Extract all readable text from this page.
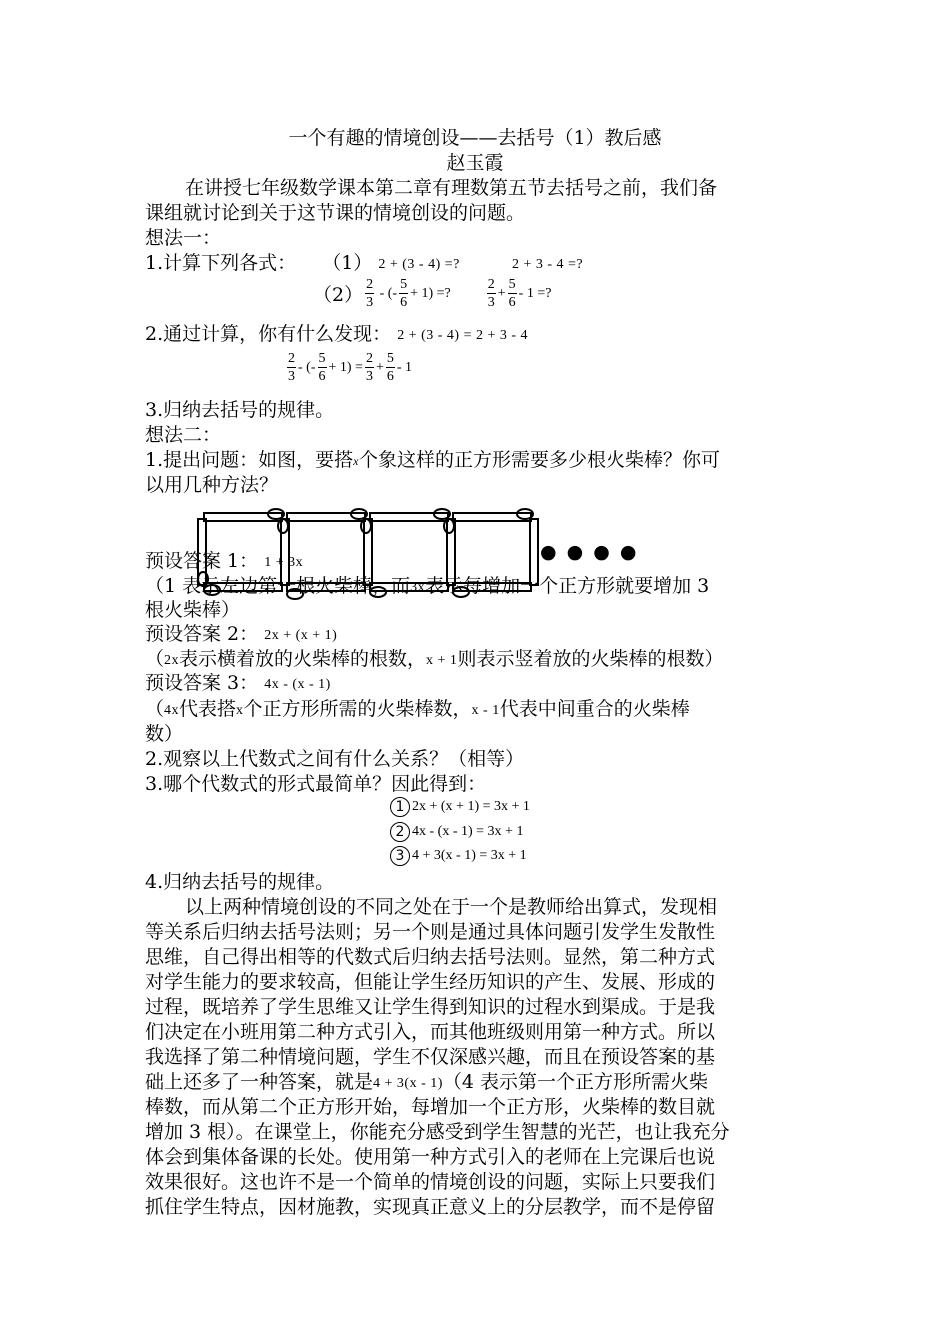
一个有趣的情境创设——去括号（1）教后感
赵玉霞
在讲授七年级数学课本第二章有理数第五节去括号之前，我们备
课组就讨论到关于这节课的情境创设的问题。
想法一：
1.计算下列各式： （1） 2 + (3 - 4) =?	2 + 3 - 4 =?
$(2) \frac{2}{3}$ - (- $\frac{5}{6} + 1$) =?	$\frac{2}{3} + \frac{5}{6} - 1$ =?
2.通过计算，你有什么发现： 2 + (3 - 4) = 2 + 3 - 4
$\frac{2}{3}$ - (- $\frac{5}{6} + 1) = \frac{2}{3} + \frac{5}{6} - 1$
3.归纳去括号的规律。
想法二：
1.提出问题：如图，要搭x个象这样的正方形需要多少根火柴棒？你可
以用几种方法？
● ● ● ●
预设答案 1： 1 + 3x
（1 表示左边第一根火柴棒，而3x表示每增加一个正方形就要增加 3
根火柴棒）
预设答案 2： 2x + (x + 1)
（2x表示横着放的火柴棒的根数，x + 1则表示竖着放的火柴棒的根数）
预设答案 3： 4x - (x - 1)
（4x代表搭x个正方形所需的火柴棒数，x - 1代表中间重合的火柴棒
数）
2.观察以上代数式之间有什么关系？（相等）
3.哪个代数式的形式最简单？因此得到：
1 2x + (x + 1) = 3x + 1
2 4x - (x - 1) = 3x + 1
3 4 + 3(x - 1) = 3x + 1
4.归纳去括号的规律。
以上两种情境创设的不同之处在于一个是教师给出算式，发现相
等关系后归纳去括号法则；另一个则是通过具体问题引发学生发散性
思维，自己得出相等的代数式后归纳去括号法则。显然，第二种方式
对学生能力的要求较高，但能让学生经历知识的产生、发展、形成的
过程，既培养了学生思维又让学生得到知识的过程水到渠成。于是我
们决定在小班用第二种方式引入，而其他班级则用第一种方式。所以
我选择了第二种情境问题，学生不仅深感兴趣，而且在预设答案的基
础上还多了一种答案，就是4 + 3(x - 1)（4 表示第一个正方形所需火柴
棒数，而从第二个正方形开始，每增加一个正方形，火柴棒的数目就
增加 3 根）。在课堂上，你能充分感受到学生智慧的光芒，也让我充分
体会到集体备课的长处。使用第一种方式引入的老师在上完课后也说
效果很好。这也许不是一个简单的情境创设的问题，实际上只要我们
抓住学生特点，因材施教，实现真正意义上的分层教学，而不是停留
